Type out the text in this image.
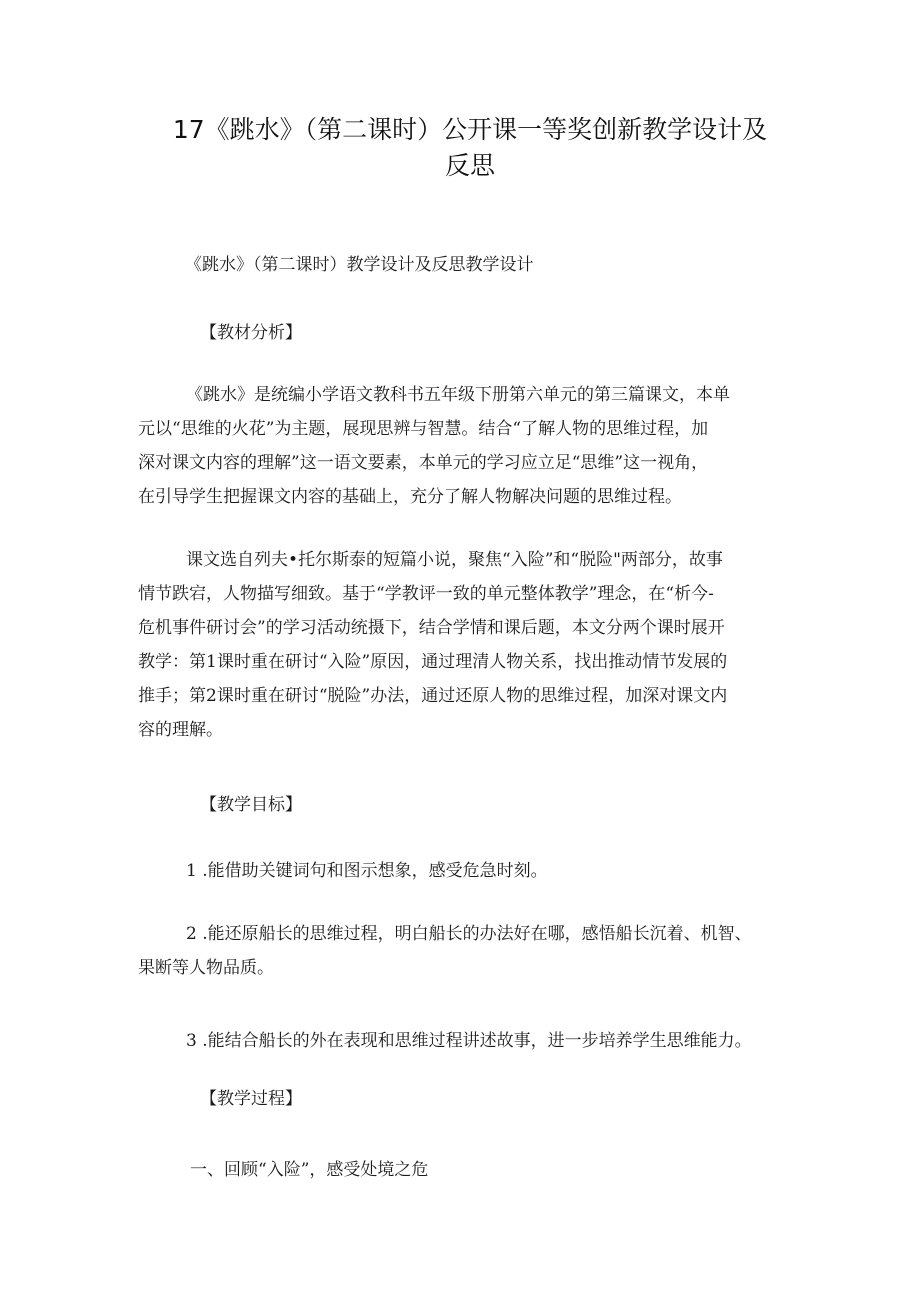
17《跳水》（第二课时）公开课一等奖创新教学设计及
反思

《跳水》（第二课时）教学设计及反思教学设计

【教材分析】

《跳水》是统编小学语文教科书五年级下册第六单元的第三篇课文，本单
元以“思维的火花”为主题，展现思辨与智慧。结合“了解人物的思维过程，加
深对课文内容的理解”这一语文要素，本单元的学习应立足“思维”这一视角，
在引导学生把握课文内容的基础上，充分了解人物解决问题的思维过程。
课文选自列夫•托尔斯泰的短篇小说，聚焦“入险”和“脱险"两部分，故事
情节跌宕，人物描写细致。基于“学教评一致的单元整体教学”理念，在“析今-
危机事件研讨会”的学习活动统摄下，结合学情和课后题，本文分两个课时展开
教学：第1课时重在研讨“入险”原因，通过理清人物关系，找出推动情节发展的
推手；第2课时重在研讨“脱险”办法，通过还原人物的思维过程，加深对课文内
容的理解。

【教学目标】

1 .能借助关键词句和图示想象，感受危急时刻。

2 .能还原船长的思维过程，明白船长的办法好在哪，感悟船长沉着、机智、
果断等人物品质。

3 .能结合船长的外在表现和思维过程讲述故事，进一步培养学生思维能力。

【教学过程】

一、回顾“入险”，感受处境之危
